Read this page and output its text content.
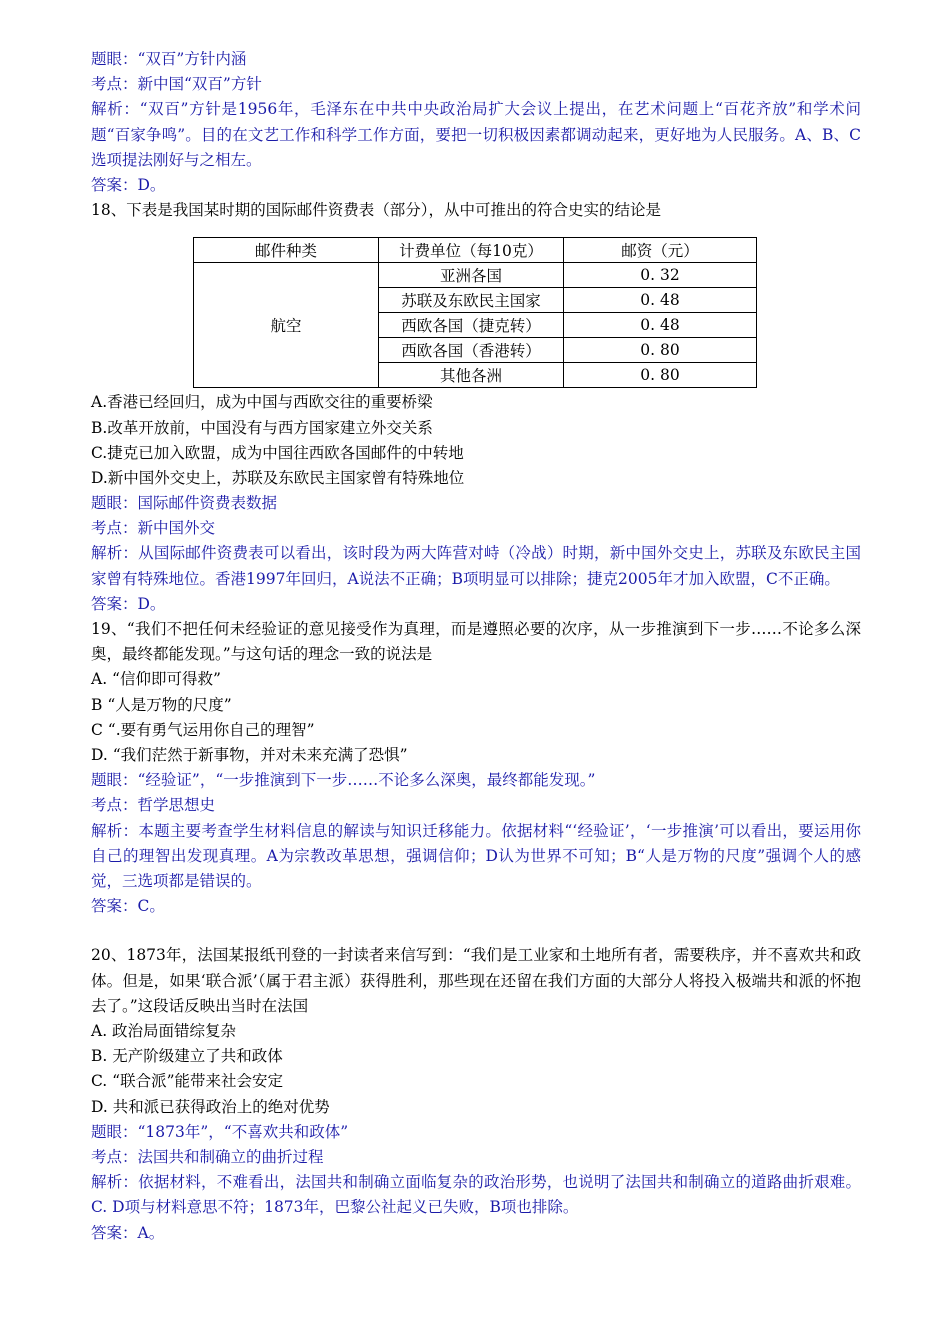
题眼：“双百”方针内涵
考点：新中国“双百”方针
解析：“双百”方针是1956年，毛泽东在中共中央政治局扩大会议上提出，在艺术问题上“百花齐放”和学术问题“百家争鸣”。目的在文艺工作和科学工作方面，要把一切积极因素都调动起来，更好地为人民服务。A、B、C选项提法刚好与之相左。
答案：D。
18、下表是我国某时期的国际邮件资费表（部分），从中可推出的符合史实的结论是
邮件种类	计费单位（每10克）	邮资（元）
航空	亚洲各国	0. 32
	苏联及东欧民主国家	0. 48
	西欧各国（捷克转）	0. 48
	西欧各国（香港转）	0. 80
	其他各洲	0. 80
A.香港已经回归，成为中国与西欧交往的重要桥梁
B.改革开放前，中国没有与西方国家建立外交关系
C.捷克已加入欧盟，成为中国往西欧各国邮件的中转地
D.新中国外交史上，苏联及东欧民主国家曾有特殊地位
题眼：国际邮件资费表数据
考点：新中国外交
解析：从国际邮件资费表可以看出，该时段为两大阵营对峙（冷战）时期，新中国外交史上，苏联及东欧民主国家曾有特殊地位。香港1997年回归，A说法不正确；B项明显可以排除；捷克2005年才加入欧盟，C不正确。
答案：D。
19、“我们不把任何未经验证的意见接受作为真理，而是遵照必要的次序，从一步推演到下一步……不论多么深奥，最终都能发现。”与这句话的理念一致的说法是
A. “信仰即可得救”
B “人是万物的尺度”
C “.要有勇气运用你自己的理智”
D. “我们茫然于新事物，并对未来充满了恐惧”
题眼：“经验证”，“一步推演到下一步……不论多么深奥，最终都能发现。”
考点：哲学思想史
解析：本题主要考查学生材料信息的解读与知识迁移能力。依据材料“‘经验证’，‘一步推演’可以看出，要运用你自己的理智出发现真理。A为宗教改革思想，强调信仰；D认为世界不可知；B“人是万物的尺度”强调个人的感觉，三选项都是错误的。
答案：C。
20、1873年，法国某报纸刊登的一封读者来信写到：“我们是工业家和土地所有者，需要秩序，并不喜欢共和政体。但是，如果‘联合派’（属于君主派）获得胜利，那些现在还留在我们方面的大部分人将投入极端共和派的怀抱去了。”这段话反映出当时在法国
A. 政治局面错综复杂
B. 无产阶级建立了共和政体
C. “联合派”能带来社会安定
D. 共和派已获得政治上的绝对优势
题眼：“1873年”，“不喜欢共和政体”
考点：法国共和制确立的曲折过程
解析：依据材料，不难看出，法国共和制确立面临复杂的政治形势，也说明了法国共和制确立的道路曲折艰难。C. D项与材料意思不符；1873年，巴黎公社起义已失败，B项也排除。
答案：A。
